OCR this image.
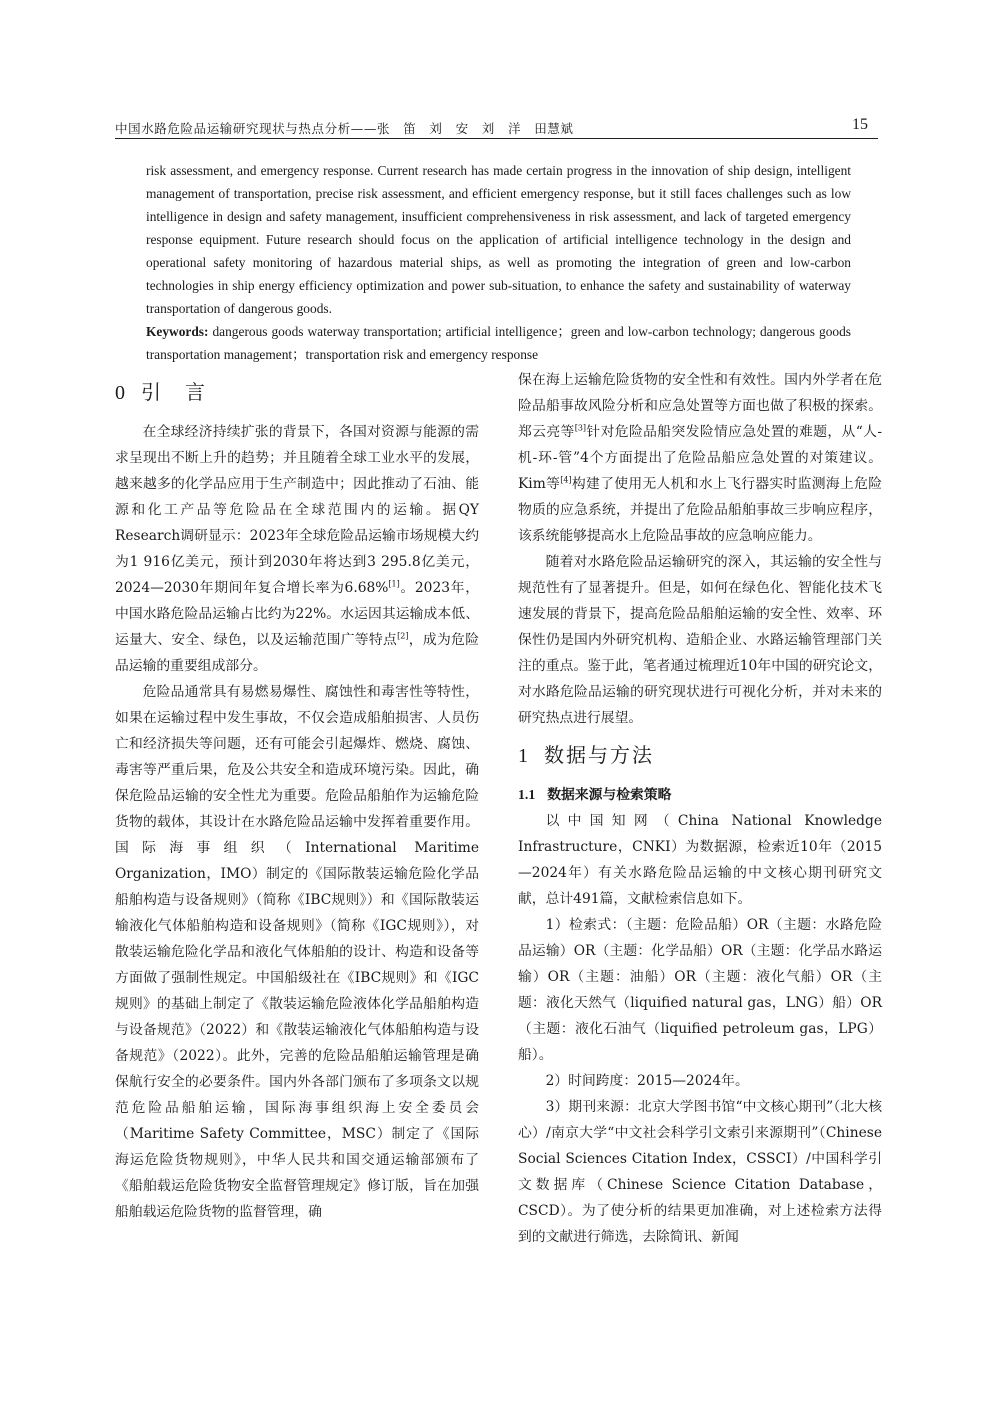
中国水路危险品运输研究现状与热点分析——张　笛　刘　安　刘　洋　田慧斌	15

risk assessment, and emergency response. Current research has made certain progress in the innovation of ship design, intelligent management of transportation, precise risk assessment, and efficient emergency response, but it still faces challenges such as low intelligence in design and safety management, insufficient comprehensiveness in risk assessment, and lack of targeted emergency response equipment. Future research should focus on the application of artificial intelligence technology in the design and operational safety monitoring of hazardous material ships, as well as promoting the integration of green and low-carbon technologies in ship energy efficiency optimization and power sub-situation, to enhance the safety and sustainability of waterway transportation of dangerous goods.

Keywords: dangerous goods waterway transportation; artificial intelligence；green and low-carbon technology; dangerous goods transportation management；transportation risk and emergency response

0 引　言

在全球经济持续扩张的背景下，各国对资源与能源的需求呈现出不断上升的趋势；并且随着全球工业水平的发展，越来越多的化学品应用于生产制造中；因此推动了石油、能源和化工产品等危险品在全球范围内的运输。据QY Research调研显示：2023年全球危险品运输市场规模大约为1 916亿美元，预计到2030年将达到3 295.8亿美元，2024—2030年期间年复合增长率为6.68%[1]。2023年，中国水路危险品运输占比约为22%。水运因其运输成本低、运量大、安全、绿色，以及运输范围广等特点[2]，成为危险品运输的重要组成部分。

危险品通常具有易燃易爆性、腐蚀性和毒害性等特性，如果在运输过程中发生事故，不仅会造成船舶损害、人员伤亡和经济损失等问题，还有可能会引起爆炸、燃烧、腐蚀、毒害等严重后果，危及公共安全和造成环境污染。因此，确保危险品运输的安全性尤为重要。危险品船舶作为运输危险货物的载体，其设计在水路危险品运输中发挥着重要作用。国际海事组织（International Maritime Organization，IMO）制定的《国际散装运输危险化学品船舶构造与设备规则》（简称《IBC规则》）和《国际散装运输液化气体船舶构造和设备规则》（简称《IGC规则》），对散装运输危险化学品和液化气体船舶的设计、构造和设备等方面做了强制性规定。中国船级社在《IBC规则》和《IGC规则》的基础上制定了《散装运输危险液体化学品船舶构造与设备规范》（2022）和《散装运输液化气体船舶构造与设备规范》（2022）。此外，完善的危险品船舶运输管理是确保航行安全的必要条件。国内外各部门颁布了多项条文以规范危险品船舶运输，国际海事组织海上安全委员会（Maritime Safety Committee，MSC）制定了《国际海运危险货物规则》，中华人民共和国交通运输部颁布了《船舶载运危险货物安全监督管理规定》修订版，旨在加强船舶载运危险货物的监督管理，确

保在海上运输危险货物的安全性和有效性。国内外学者在危险品船事故风险分析和应急处置等方面也做了积极的探索。郑云亮等[3]针对危险品船突发险情应急处置的难题，从“人-机-环-管”4个方面提出了危险品船应急处置的对策建议。Kim等[4]构建了使用无人机和水上飞行器实时监测海上危险物质的应急系统，并提出了危险品船舶事故三步响应程序，该系统能够提高水上危险品事故的应急响应能力。

随着对水路危险品运输研究的深入，其运输的安全性与规范性有了显著提升。但是，如何在绿色化、智能化技术飞速发展的背景下，提高危险品船舶运输的安全性、效率、环保性仍是国内外研究机构、造船企业、水路运输管理部门关注的重点。鉴于此，笔者通过梳理近10年中国的研究论文，对水路危险品运输的研究现状进行可视化分析，并对未来的研究热点进行展望。

1 数据与方法
1.1 数据来源与检索策略

以中国知网（China National Knowledge Infrastructure，CNKI）为数据源，检索近10年（2015—2024年）有关水路危险品运输的中文核心期刊研究文献，总计491篇，文献检索信息如下。

1）检索式：（主题：危险品船）OR（主题：水路危险品运输）OR（主题：化学品船）OR（主题：化学品水路运输）OR（主题：油船）OR（主题：液化气船）OR（主题：液化天然气（liquified natural gas，LNG）船）OR（主题：液化石油气（liquified petroleum gas，LPG）船）。

2）时间跨度：2015—2024年。

3）期刊来源：北京大学图书馆“中文核心期刊”（北大核心）/南京大学“中文社会科学引文索引来源期刊”（Chinese Social Sciences Citation Index，CSSCI）/中国科学引文数据库（Chinese Science Citation Database，CSCD）。为了使分析的结果更加准确，对上述检索方法得到的文献进行筛选，去除简讯、新闻
